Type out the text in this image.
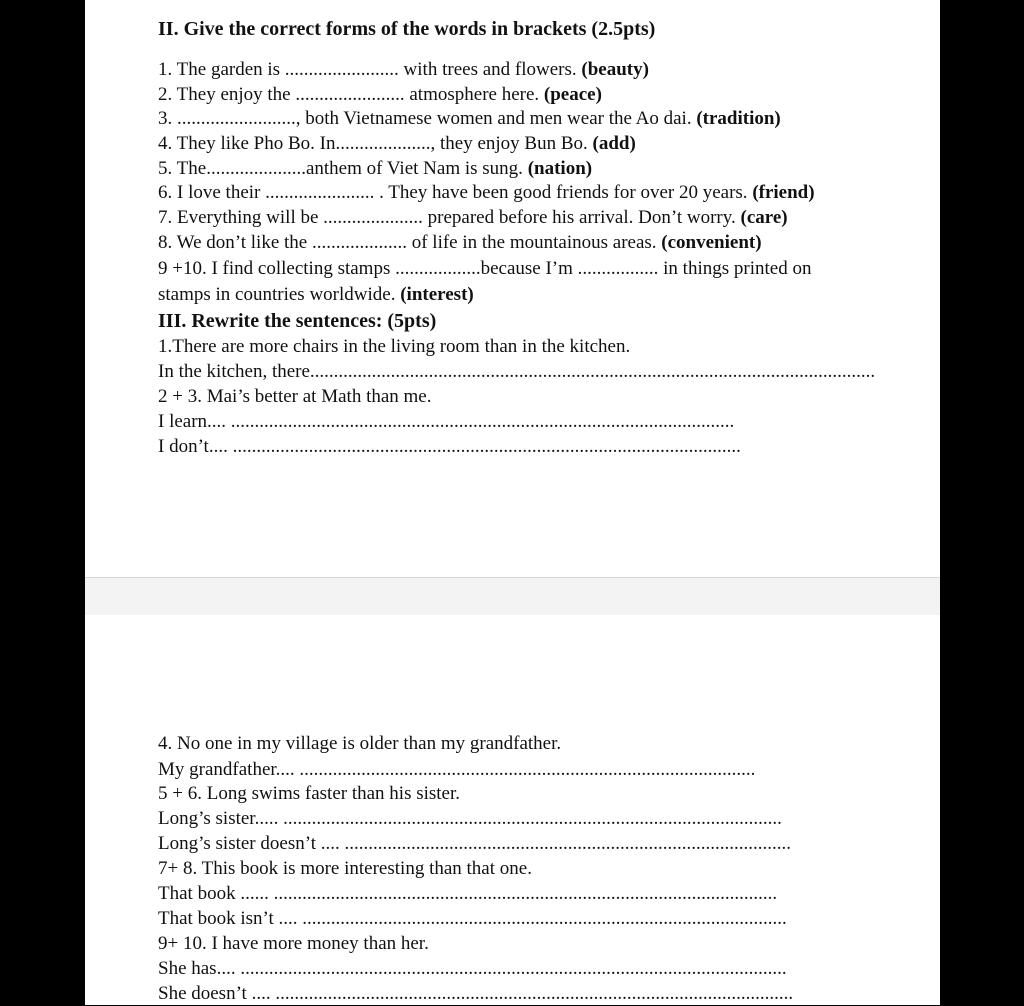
II. Give the correct forms of the words in brackets (2.5pts)
1. The garden is ........................ with trees and flowers. (beauty)
2. They enjoy the ....................... atmosphere here. (peace)
3. ........................., both Vietnamese women and men wear the Ao dai. (tradition)
4. They like Pho Bo. In...................., they enjoy Bun Bo. (add)
5. The.....................anthem of Viet Nam is sung. (nation)
6. I love their ....................... . They have been good friends for over 20 years. (friend)
7. Everything will be ..................... prepared before his arrival. Don’t worry. (care)
8. We don’t like the .................... of life in the mountainous areas. (convenient)
9 +10. I find collecting stamps ..................because I’m ................. in things printed on
stamps in countries worldwide. (interest)
III. Rewrite the sentences: (5pts)
1.There are more chairs in the living room than in the kitchen.
In the kitchen, there.......................................................................................................................
2 + 3. Mai’s better at Math than me.
I learn.... ..........................................................................................................
I don’t.... ...........................................................................................................
4. No one in my village is older than my grandfather.
My grandfather.... ................................................................................................
5 + 6. Long swims faster than his sister.
Long’s sister..... .........................................................................................................
Long’s sister doesn’t .... ..............................................................................................
7+ 8. This book is more interesting than that one.
That book ...... ..........................................................................................................
That book isn’t .... ......................................................................................................
9+ 10. I have more money than her.
She has.... ...................................................................................................................
She doesn’t .... .............................................................................................................
